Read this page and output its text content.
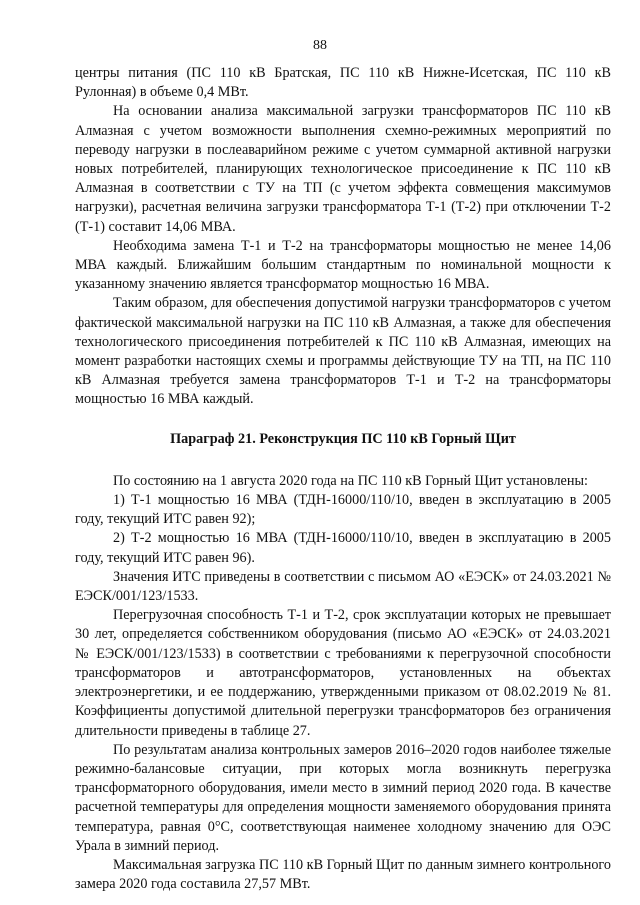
88

центры питания (ПС 110 кВ Братская, ПС 110 кВ Нижне-Исетская, ПС 110 кВ Рулонная) в объеме 0,4 МВт.

На основании анализа максимальной загрузки трансформаторов ПС 110 кВ Алмазная с учетом возможности выполнения схемно-режимных мероприятий по переводу нагрузки в послеаварийном режиме с учетом суммарной активной нагрузки новых потребителей, планирующих технологическое присоединение к ПС 110 кВ Алмазная в соответствии с ТУ на ТП (с учетом эффекта совмещения максимумов нагрузки), расчетная величина загрузки трансформатора Т-1 (Т-2) при отключении Т-2 (Т-1) составит 14,06 МВА.

Необходима замена Т-1 и Т-2 на трансформаторы мощностью не менее 14,06 МВА каждый. Ближайшим большим стандартным по номинальной мощности к указанному значению является трансформатор мощностью 16 МВА.

Таким образом, для обеспечения допустимой нагрузки трансформаторов с учетом фактической максимальной нагрузки на ПС 110 кВ Алмазная, а также для обеспечения технологического присоединения потребителей к ПС 110 кВ Алмазная, имеющих на момент разработки настоящих схемы и программы действующие ТУ на ТП, на ПС 110 кВ Алмазная требуется замена трансформаторов Т-1 и Т-2 на трансформаторы мощностью 16 МВА каждый.

Параграф 21. Реконструкция ПС 110 кВ Горный Щит

По состоянию на 1 августа 2020 года на ПС 110 кВ Горный Щит установлены:

1) Т-1 мощностью 16 МВА (ТДН-16000/110/10, введен в эксплуатацию в 2005 году, текущий ИТС равен 92);

2) Т-2 мощностью 16 МВА (ТДН-16000/110/10, введен в эксплуатацию в 2005 году, текущий ИТС равен 96).

Значения ИТС приведены в соответствии с письмом АО «ЕЭСК» от 24.03.2021 № ЕЭСК/001/123/1533.

Перегрузочная способность Т-1 и Т-2, срок эксплуатации которых не превышает 30 лет, определяется собственником оборудования (письмо АО «ЕЭСК» от 24.03.2021 № ЕЭСК/001/123/1533) в соответствии с требованиями к перегрузочной способности трансформаторов и автотрансформаторов, установленных на объектах электроэнергетики, и ее поддержанию, утвержденными приказом от 08.02.2019 № 81. Коэффициенты допустимой длительной перегрузки трансформаторов без ограничения длительности приведены в таблице 27.

По результатам анализа контрольных замеров 2016–2020 годов наиболее тяжелые режимно-балансовые ситуации, при которых могла возникнуть перегрузка трансформаторного оборудования, имели место в зимний период 2020 года. В качестве расчетной температуры для определения мощности заменяемого оборудования принята температура, равная 0°С, соответствующая наименее холодному значению для ОЭС Урала в зимний период.

Максимальная загрузка ПС 110 кВ Горный Щит по данным зимнего контрольного замера 2020 года составила 27,57 МВт.
